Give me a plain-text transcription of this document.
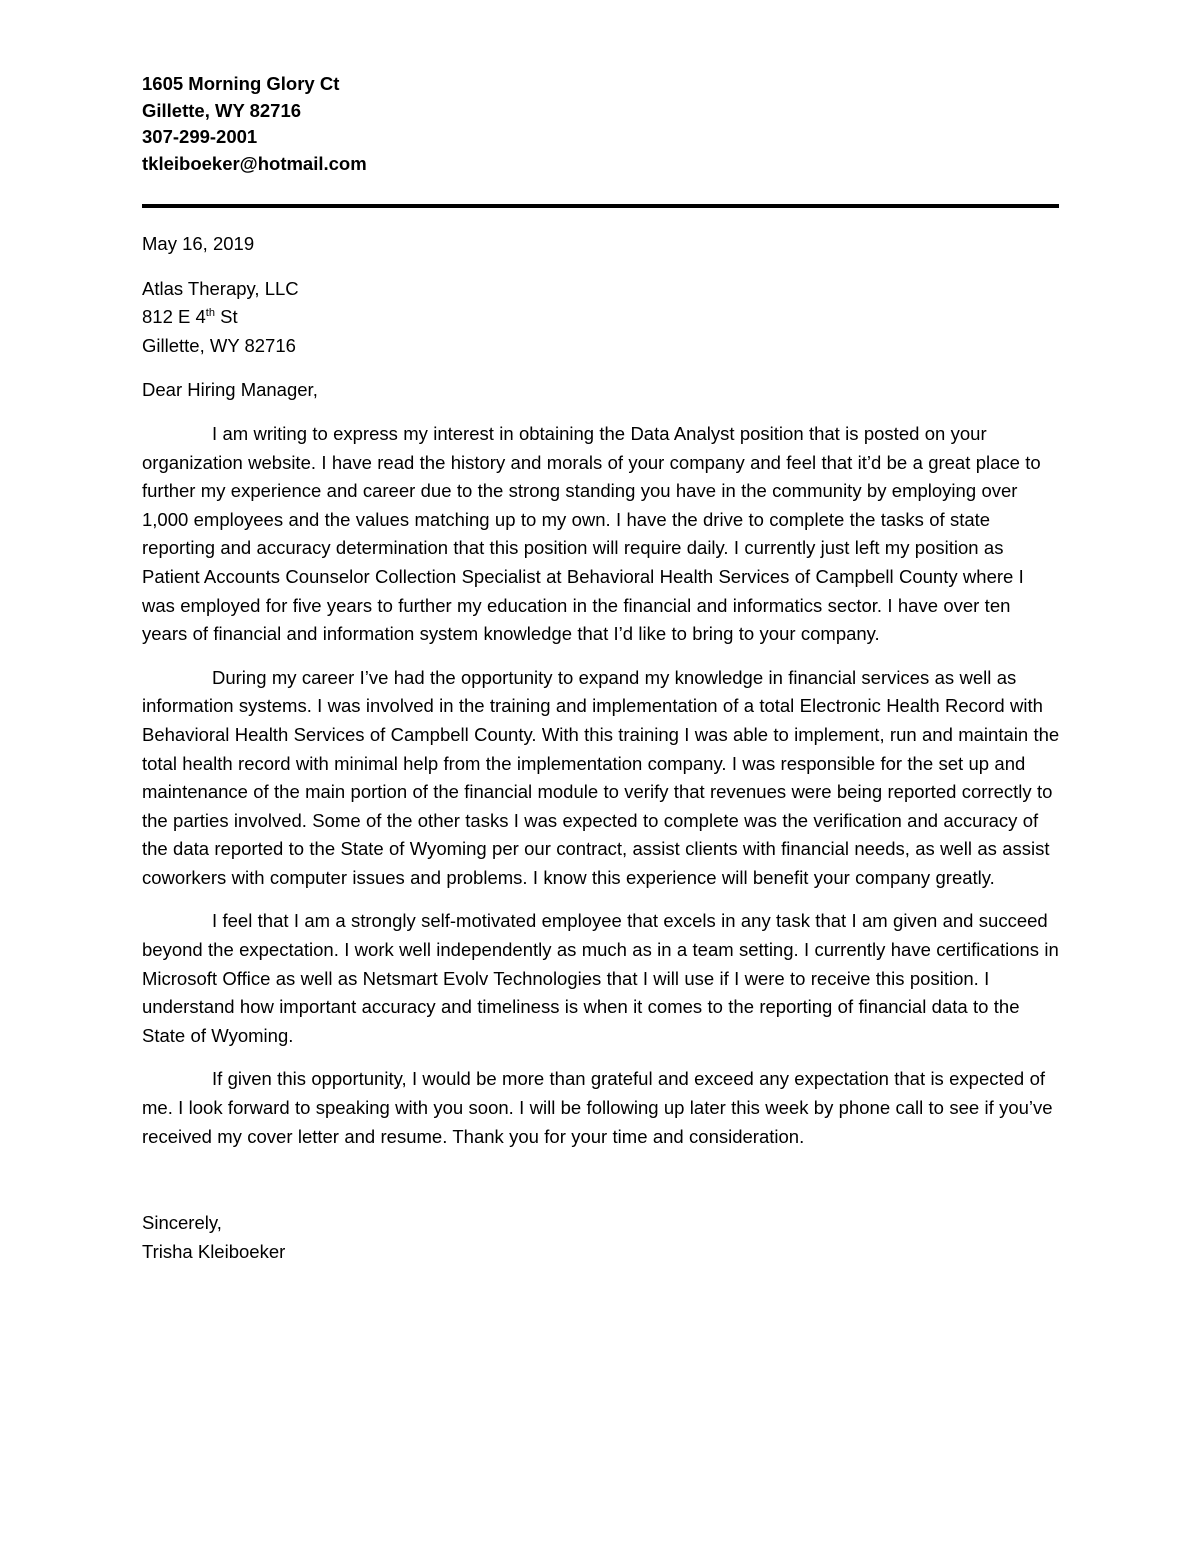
1605 Morning Glory Ct
Gillette, WY 82716
307-299-2001
tkleiboeker@hotmail.com
May 16, 2019
Atlas Therapy, LLC
812 E 4th St
Gillette, WY 82716
Dear Hiring Manager,
I am writing to express my interest in obtaining the Data Analyst position that is posted on your organization website. I have read the history and morals of your company and feel that it’d be a great place to further my experience and career due to the strong standing you have in the community by employing over 1,000 employees and the values matching up to my own. I have the drive to complete the tasks of state reporting and accuracy determination that this position will require daily. I currently just left my position as Patient Accounts Counselor Collection Specialist at Behavioral Health Services of Campbell County where I was employed for five years to further my education in the financial and informatics sector. I have over ten years of financial and information system knowledge that I’d like to bring to your company.
During my career I’ve had the opportunity to expand my knowledge in financial services as well as information systems. I was involved in the training and implementation of a total Electronic Health Record with Behavioral Health Services of Campbell County. With this training I was able to implement, run and maintain the total health record with minimal help from the implementation company. I was responsible for the set up and maintenance of the main portion of the financial module to verify that revenues were being reported correctly to the parties involved. Some of the other tasks I was expected to complete was the verification and accuracy of the data reported to the State of Wyoming per our contract, assist clients with financial needs, as well as assist coworkers with computer issues and problems. I know this experience will benefit your company greatly.
I feel that I am a strongly self-motivated employee that excels in any task that I am given and succeed beyond the expectation. I work well independently as much as in a team setting. I currently have certifications in Microsoft Office as well as Netsmart Evolv Technologies that I will use if I were to receive this position. I understand how important accuracy and timeliness is when it comes to the reporting of financial data to the State of Wyoming.
If given this opportunity, I would be more than grateful and exceed any expectation that is expected of me. I look forward to speaking with you soon. I will be following up later this week by phone call to see if you’ve received my cover letter and resume. Thank you for your time and consideration.
Sincerely,
Trisha Kleiboeker
